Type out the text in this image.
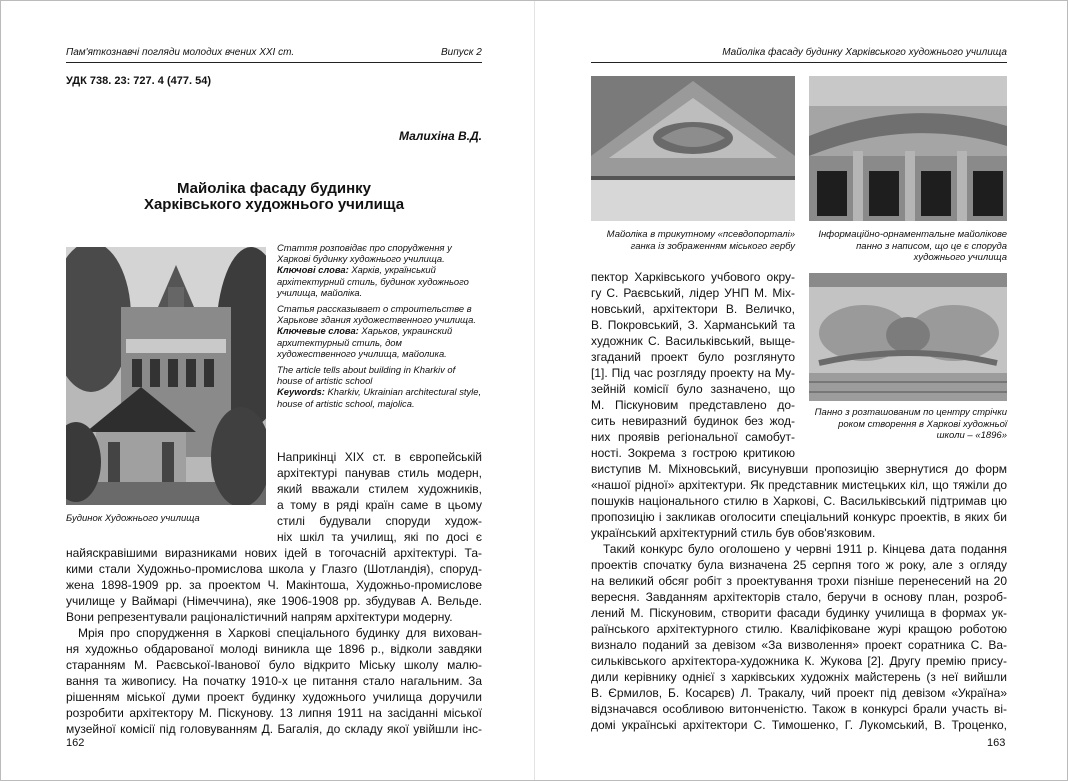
Пам'яткознавчі погляди молодих вчених ХХІ ст.	Випуск 2
УДК 738. 23: 727. 4 (477. 54)
Малихіна В.Д.
Майоліка фасаду будинку
Харківського художнього училища
Будинок Художнього училища

Стаття розповідає про спорудження у Харкові будинку художнього училища.
Ключові слова: Харків, український архітектурний стиль, будинок художнього училища, майоліка.

Статья рассказывает о строительстве в Харькове здания художественного училища.
Ключевые слова: Харьков, украинский архитектурный стиль, дом художественного училища, майолика.

The article tells about building in Kharkiv of house of artistic school
Keywords: Kharkiv, Ukrainian architectural style, house of artistic school, majolica.

Наприкінці XIX ст. в європейській
архітектурі панував стиль модерн,
який вважали стилем художників,
а тому в ряді країн саме в цьому
стилі будували споруди худож-
ніх шкіл та училищ, які по досі є
найяскравішими виразниками нових ідей в тогочасній архітектурі. Та-
кими стали Художньо-промислова школа у Глазго (Шотландія), споруд-
жена 1898-1909 рр. за проектом Ч. Макінтоша, Художньо-промислове
училище у Ваймарі (Німеччина), яке 1906-1908 рр. збудував А. Вельде.
Вони репрезентували раціоналістичний напрям архітектури модерну.
Мрія про спорудження в Харкові спеціального будинку для вихован-
ня художньо обдарованої молоді виникла ще 1896 р., відколи завдяки
старанням М. Раєвської-Іванової було відкрито Міську школу малю-
вання та живопису. На початку 1910-х це питання стало нагальним. За
рішенням міської думи проект будинку художнього училища доручили
розробити архітектору М. Піскунову. 13 липня 1911 на засіданні міської
музейної комісії під головуванням Д. Багалія, до складу якої увійшли інс-
162
Майоліка фасаду будинку Харківського художнього училища
Майоліка в трикутному «псевдопорталі»
ганка із зображенням міського гербу
Інформаційно-орнаментальне майолікове
панно з написом, що це є споруда
художнього училища
Панно з розташованим по центру стрічки
роком створення в Харкові художньої
школи – «1896»
пектор Харківського учбового окру-
гу С. Раєвський, лідер УНП М. Міх-
новський, архітектори В. Величко,
В. Покровський, З. Харманський та
художник С. Васильківський, выще-
згаданий проект було розглянуто
[1]. Під час розгляду проекту на Му-
зейній комісії було зазначено, що
М. Піскуновим представлено до-
сить невиразний будинок без жод-
них проявів регіональної самобут-
ності. Зокрема з гострою критикою
виступив М. Міхновський, висунувши пропозицію звернутися до форм
«нашої рідної» архітектури. Як представник мистецьких кіл, що тяжіли до
пошуків національного стилю в Харкові, С. Васильківський підтримав цю
пропозицію і закликав оголосити спеціальний конкурс проектів, в яких би
український архітектурний стиль був обов'язковим.
Такий конкурс було оголошено у червні 1911 р. Кінцева дата подання
проектів спочатку була визначена 25 серпня того ж року, але з огляду
на великий обсяг робіт з проектування трохи пізніше перенесений на 20
вересня. Завданням архітекторів стало, беручи в основу план, розроб-
лений М. Піскуновим, створити фасади будинку училища в формах ук-
раїнського архітектурного стилю. Кваліфіковане журі кращою роботою
визнало поданий за девізом «За визволення» проект соратника С. Ва-
сильківського архітектора-художника К. Жукова [2]. Другу премію прису-
дили керівнику однієї з харківських художніх майстерень (з неї вийшли
В. Єрмилов, Б. Косарєв) Л. Тракалу, чий проект під девізом «Україна»
відзначався особливою витонченістю. Також в конкурсі брали участь ві-
домі українські архітектори С. Тимошенко, Г. Лукомський, В. Троценко,
163
